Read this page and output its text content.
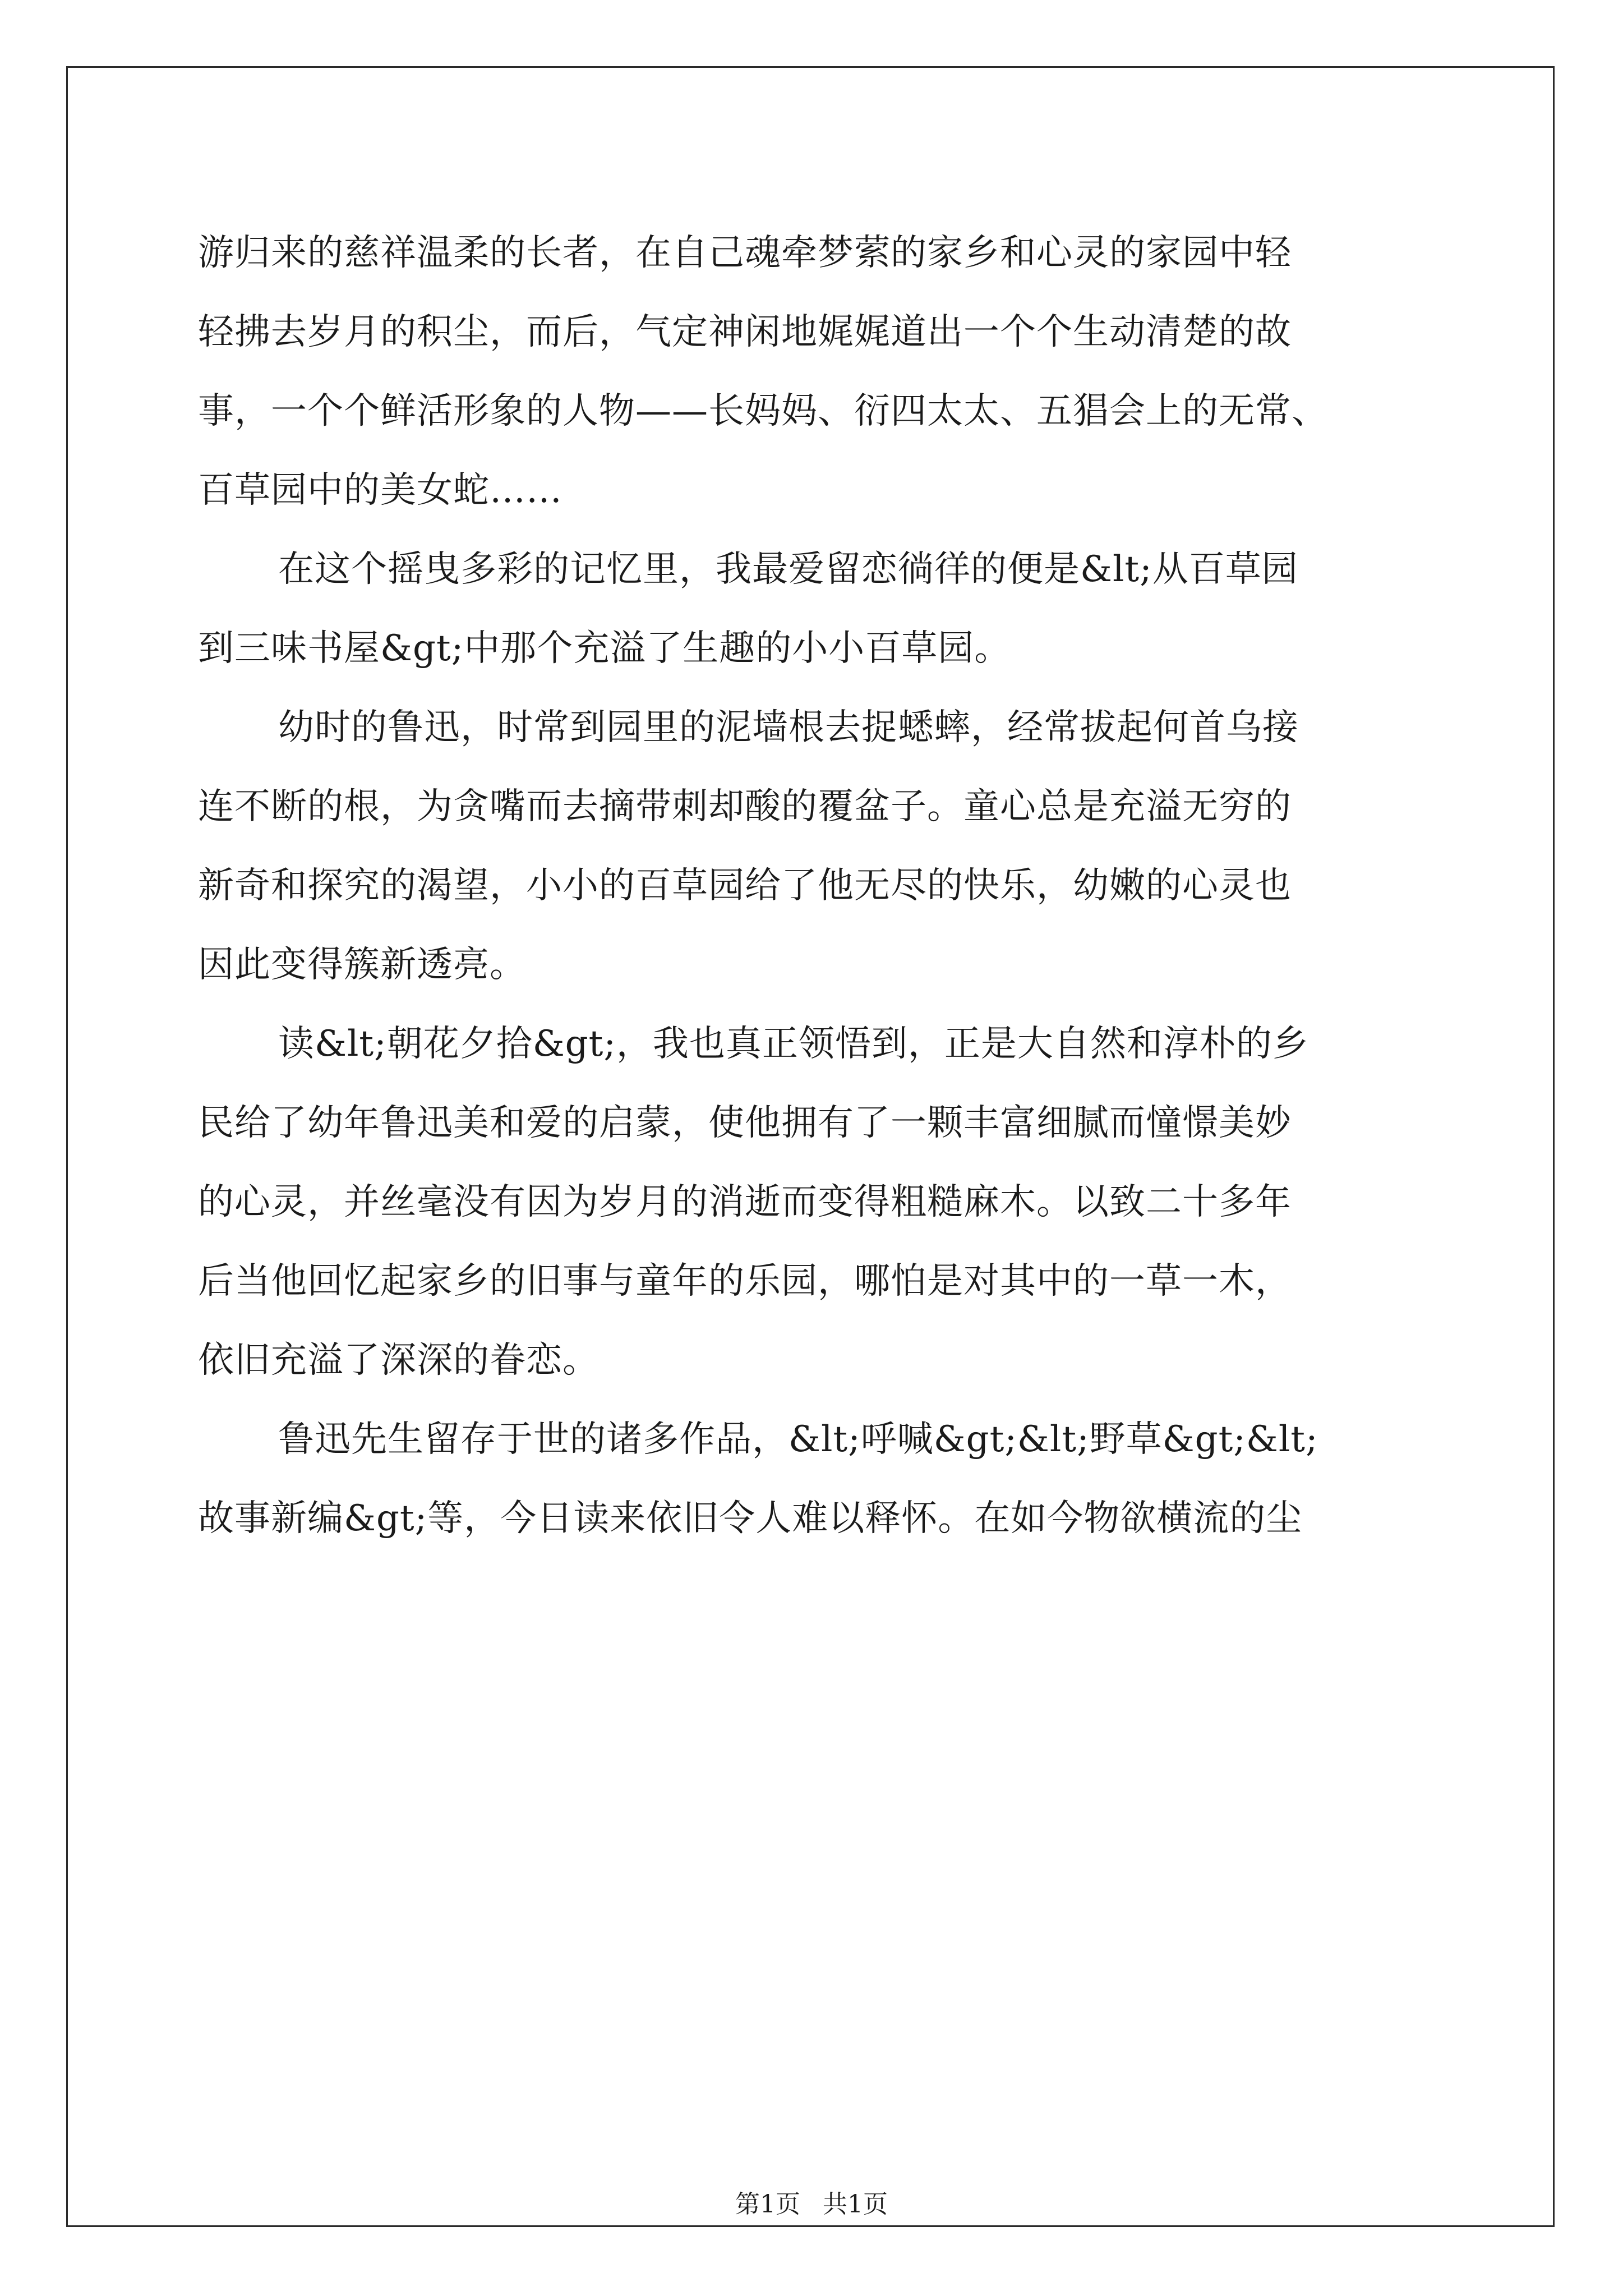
游归来的慈祥温柔的长者，在自己魂牵梦萦的家乡和心灵的家园中轻
轻拂去岁月的积尘，而后，气定神闲地娓娓道出一个个生动清楚的故
事，一个个鲜活形象的人物——长妈妈、衍四太太、五猖会上的无常、
百草园中的美女蛇……
在这个摇曳多彩的记忆里，我最爱留恋徜徉的便是&lt;从百草园
到三味书屋&gt;中那个充溢了生趣的小小百草园。
幼时的鲁迅，时常到园里的泥墙根去捉蟋蟀，经常拔起何首乌接
连不断的根，为贪嘴而去摘带刺却酸的覆盆子。童心总是充溢无穷的
新奇和探究的渴望，小小的百草园给了他无尽的快乐，幼嫩的心灵也
因此变得簇新透亮。
读&lt;朝花夕拾&gt;，我也真正领悟到，正是大自然和淳朴的乡
民给了幼年鲁迅美和爱的启蒙，使他拥有了一颗丰富细腻而憧憬美妙
的心灵，并丝毫没有因为岁月的消逝而变得粗糙麻木。以致二十多年
后当他回忆起家乡的旧事与童年的乐园，哪怕是对其中的一草一木，
依旧充溢了深深的眷恋。
鲁迅先生留存于世的诸多作品，&lt;呼喊&gt;&lt;野草&gt;&lt;
故事新编&gt;等，今日读来依旧令人难以释怀。在如今物欲横流的尘
第1页 共1页
